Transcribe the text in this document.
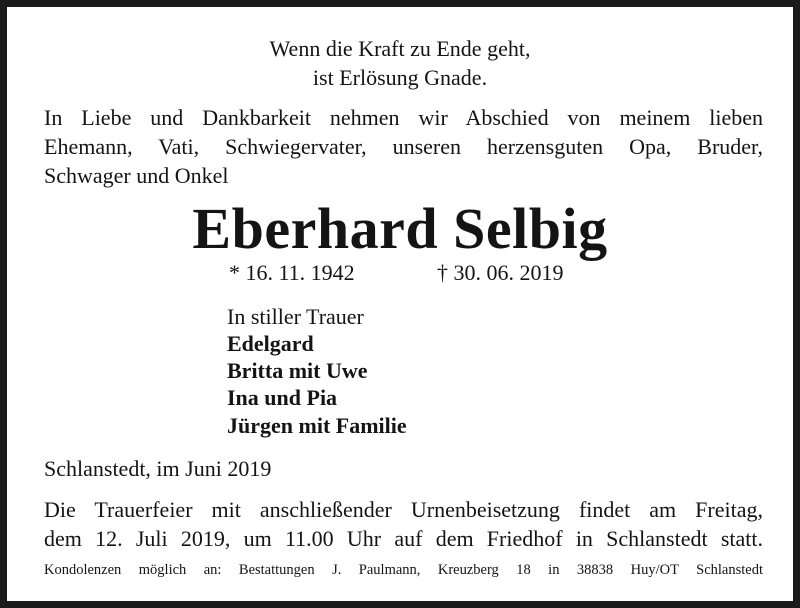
Wenn die Kraft zu Ende geht,

ist Erlösung Gnade.

In Liebe und Dankbarkeit nehmen wir Abschied von meinem lieben

Ehemann, Vati, Schwiegervater, unseren herzensguten Opa, Bruder,

Schwager und Onkel

Eberhard Selbig

* 16. 11. 1942	† 30. 06. 2019

In stiller Trauer

Edelgard

Britta mit Uwe

Ina und Pia

Jürgen mit Familie

Schlanstedt, im Juni 2019

Die Trauerfeier mit anschließender Urnenbeisetzung findet am Freitag,

dem 12. Juli 2019, um 11.00 Uhr auf dem Friedhof in Schlanstedt statt.

Kondolenzen möglich an: Bestattungen J. Paulmann, Kreuzberg 18 in 38838 Huy/OT Schlanstedt
